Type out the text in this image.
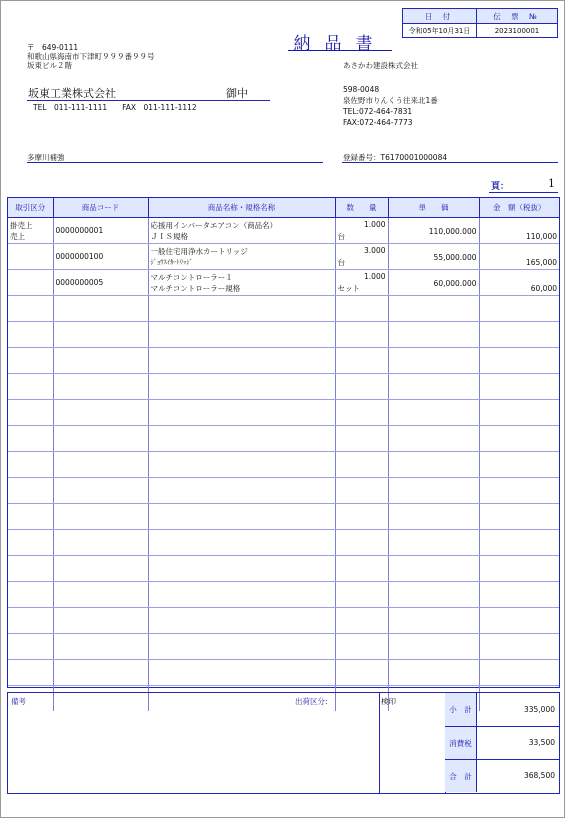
日 付	伝 票 №
令和05年10月31日	2023100001
納品書
〒　649-0111
和歌山県海南市下津町９９９番９９号
坂東ビル２階
坂東工業株式会社	御中
TEL　011-111-1111　　FAX　011-111-1112
多摩川補強
あさかわ建設株式会社
598-0048
泉佐野市りんくう往来北1番
TEL:072-464-7831
FAX:072-464-7773
登録番号：T6170001000084
頁：	1
取引区分	商品コード	商品名称・規格名称	数　　量	単　　価	金　額（税抜）

掛売上
売上	0000000001	応援用インバータエアコン（商品名）
ＪＩＳ規格	1.000
台	110,000.000	110,000

	0000000100	一般住宅用浄水カートリッジ
ｼﾞｮｳｽｲｶｰﾄﾘｯｼﾞ	3.000
台	55,000.000	165,000

	0000000005	マルチコントローラー１
マルチコントローラー規格	1.000
セット	60,000.000	60,000

備考	出荷区分:	検印
小　計	335,000
消費税	33,500
合　計	368,500
